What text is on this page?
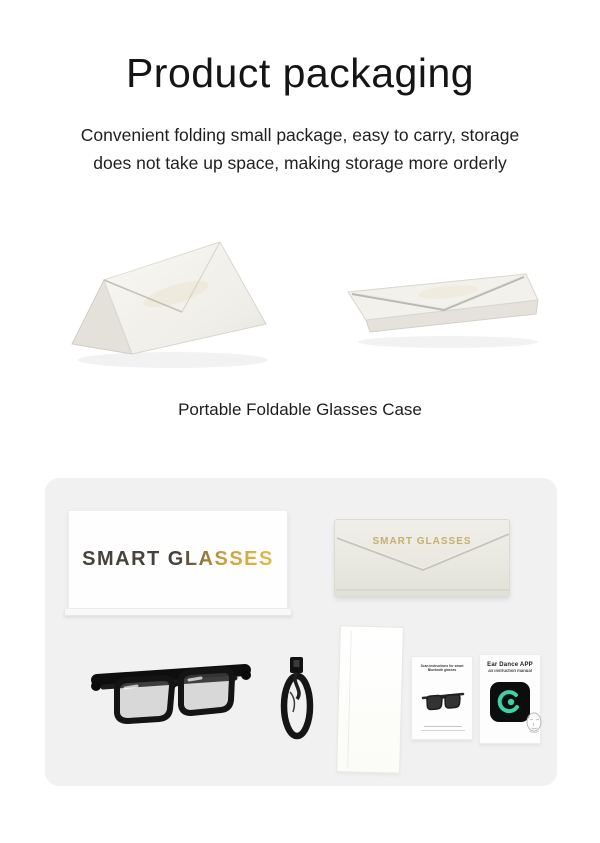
Product packaging
Convenient folding small package, easy to carry, storage
does not take up space, making storage more orderly
Portable Foldable Glasses Case
SMART GLASSES
SMART GLASSES
Scan instructions for smart
Bluetooth glasses
Ear Dance APP
an instruction manual
